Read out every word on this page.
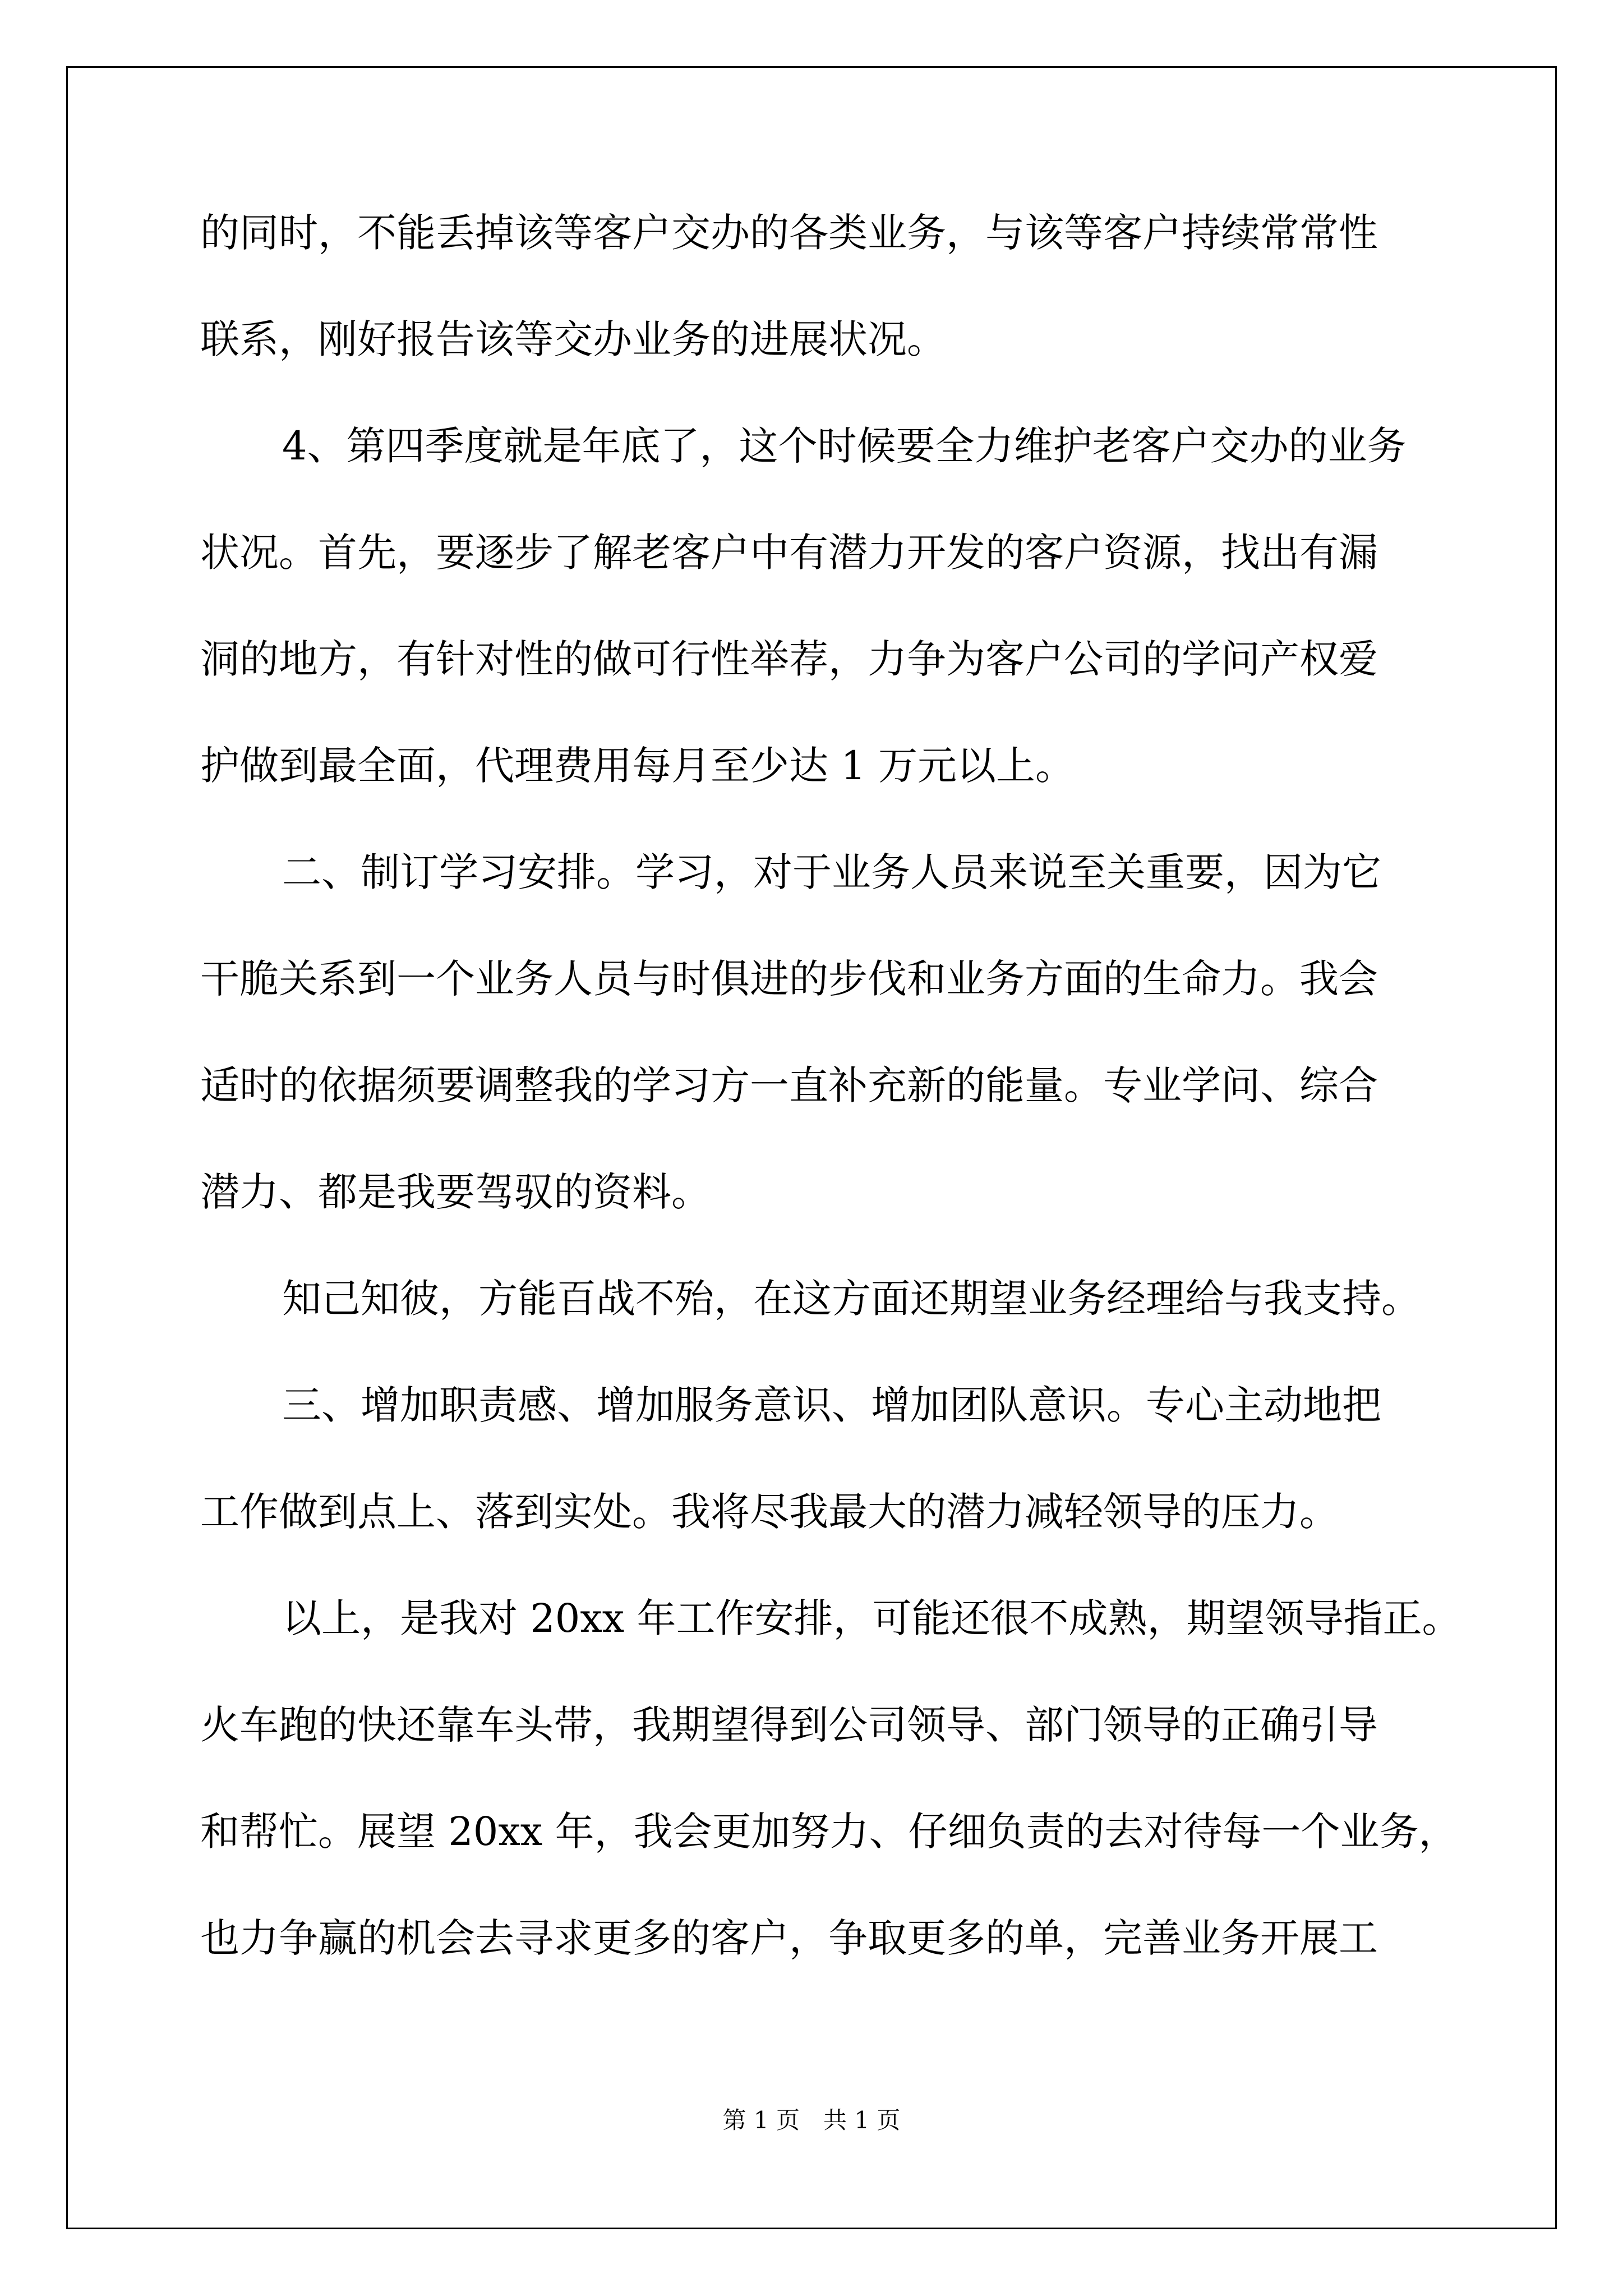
的同时，不能丢掉该等客户交办的各类业务，与该等客户持续常常性
联系，刚好报告该等交办业务的进展状况。
4、第四季度就是年底了，这个时候要全力维护老客户交办的业务
状况。首先，要逐步了解老客户中有潜力开发的客户资源，找出有漏
洞的地方，有针对性的做可行性举荐，力争为客户公司的学问产权爱
护做到最全面，代理费用每月至少达 1 万元以上。
二、制订学习安排。学习，对于业务人员来说至关重要，因为它
干脆关系到一个业务人员与时俱进的步伐和业务方面的生命力。我会
适时的依据须要调整我的学习方一直补充新的能量。专业学问、综合
潜力、都是我要驾驭的资料。
知己知彼，方能百战不殆，在这方面还期望业务经理给与我支持。
三、增加职责感、增加服务意识、增加团队意识。专心主动地把
工作做到点上、落到实处。我将尽我最大的潜力减轻领导的压力。
以上，是我对 20xx 年工作安排，可能还很不成熟，期望领导指正。
火车跑的快还靠车头带，我期望得到公司领导、部门领导的正确引导
和帮忙。展望 20xx 年，我会更加努力、仔细负责的去对待每一个业务，
也力争赢的机会去寻求更多的客户，争取更多的单，完善业务开展工
第 1 页　共 1 页
